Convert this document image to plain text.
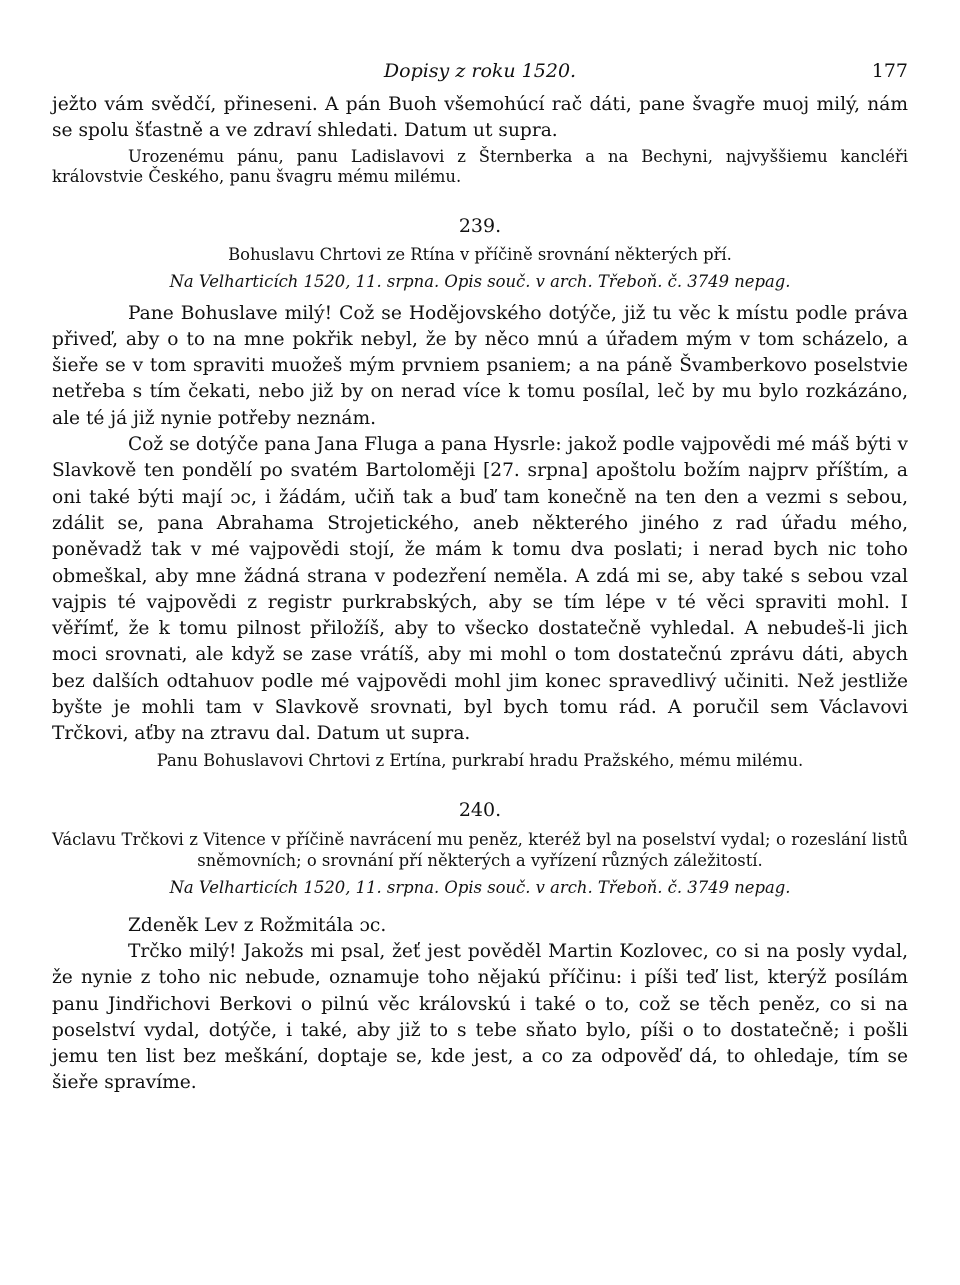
Dopisy z roku 1520.	177

ježto vám svědčí, přineseni. A pán Buoh všemohúcí rač dáti, pane švagře muoj milý, nám se spolu šťastně a ve zdraví shledati. Datum ut supra.

Urozenému pánu, panu Ladislavovi z Šternberka a na Bechyni, najvyššiemu kancléři královstvie Českého, panu švagru mému milému.

239.

Bohuslavu Chrtovi ze Rtína v příčině srovnání některých pří.

Na Velharticích 1520, 11. srpna. Opis souč. v arch. Třeboň. č. 3749 nepag.

Pane Bohuslave milý! Což se Hodějovského dotýče, již tu věc k místu podle práva přiveď, aby o to na mne pokřik nebyl, že by něco mnú a úřadem mým v tom scházelo, a šieře se v tom spraviti muožeš mým prvniem psaniem; a na páně Švamberkovo poselstvie netřeba s tím čekati, nebo již by on nerad více k tomu posílal, leč by mu bylo rozkázáno, ale té já již nynie potřeby neznám.

Což se dotýče pana Jana Fluga a pana Hysrle: jakož podle vajpovědi mé máš býti v Slavkově ten pondělí po svatém Bartoloměji [27. srpna] apoštolu božím najprv příštím, a oni také býti mají ɔc, i žádám, učiň tak a buď tam konečně na ten den a vezmi s sebou, zdálit se, pana Abrahama Strojetického, aneb některého jiného z rad úřadu mého, poněvadž tak v mé vajpovědi stojí, že mám k tomu dva poslati; i nerad bych nic toho obmeškal, aby mne žádná strana v podezření neměla. A zdá mi se, aby také s sebou vzal vajpis té vajpovědi z registr purkrabských, aby se tím lépe v té věci spraviti mohl. I věřímť, že k tomu pilnost přiložíš, aby to všecko dostatečně vyhledal. A nebudeš-li jich moci srovnati, ale když se zase vrátíš, aby mi mohl o tom dostatečnú zprávu dáti, abych bez dalších odtahuov podle mé vajpovědi mohl jim konec spravedlivý učiniti. Než jestliže byšte je mohli tam v Slavkově srovnati, byl bych tomu rád. A poručil sem Václavovi Trčkovi, aťby na ztravu dal. Datum ut supra.

Panu Bohuslavovi Chrtovi z Ertína, purkrabí hradu Pražského, mému milému.

240.

Václavu Trčkovi z Vitence v příčině navrácení mu peněz, kteréž byl na poselství vydal; o rozeslání listů sněmovních; o srovnání pří některých a vyřízení různých záležitostí.

Na Velharticích 1520, 11. srpna. Opis souč. v arch. Třeboň. č. 3749 nepag.

Zdeněk Lev z Rožmitála ɔc.

Trčko milý! Jakožs mi psal, žeť jest pověděl Martin Kozlovec, co si na posly vydal, že nynie z toho nic nebude, oznamuje toho nějakú příčinu: i píši teď list, kterýž posílám panu Jindřichovi Berkovi o pilnú věc královskú i také o to, což se těch peněz, co si na poselství vydal, dotýče, i také, aby již to s tebe sňato bylo, píši o to dostatečně; i pošli jemu ten list bez meškání, doptaje se, kde jest, a co za odpověď dá, to ohledaje, tím se šieře spravíme.
